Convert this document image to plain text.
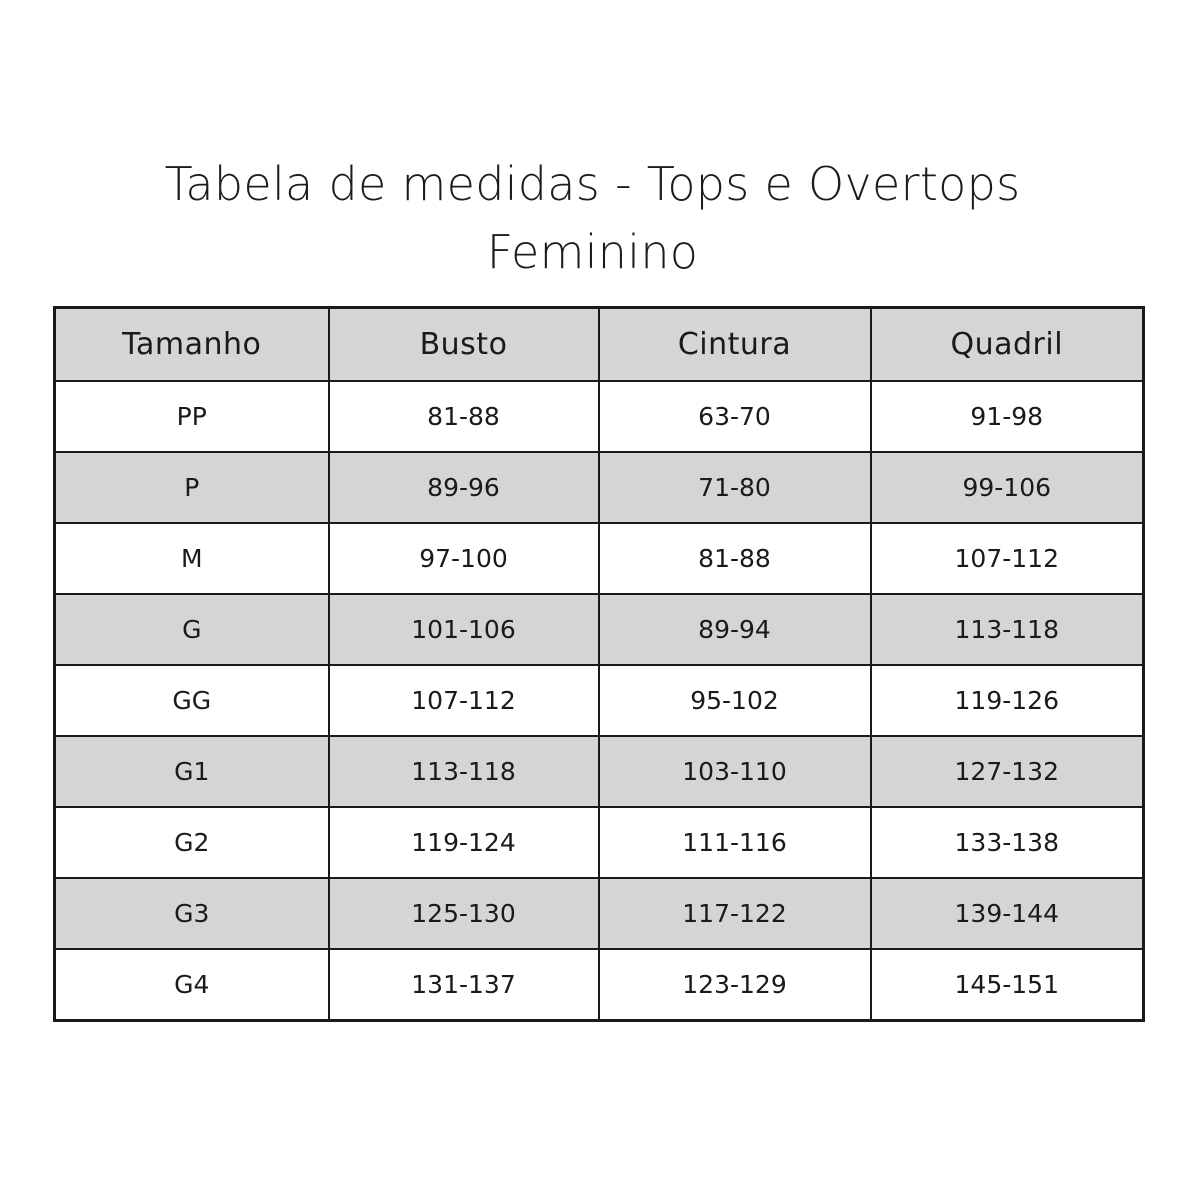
Tabela de medidas - Tops e Overtops
Feminino
Tamanho	Busto	Cintura	Quadril
PP	81-88	63-70	91-98
P	89-96	71-80	99-106
M	97-100	81-88	107-112
G	101-106	89-94	113-118
GG	107-112	95-102	119-126
G1	113-118	103-110	127-132
G2	119-124	111-116	133-138
G3	125-130	117-122	139-144
G4	131-137	123-129	145-151
